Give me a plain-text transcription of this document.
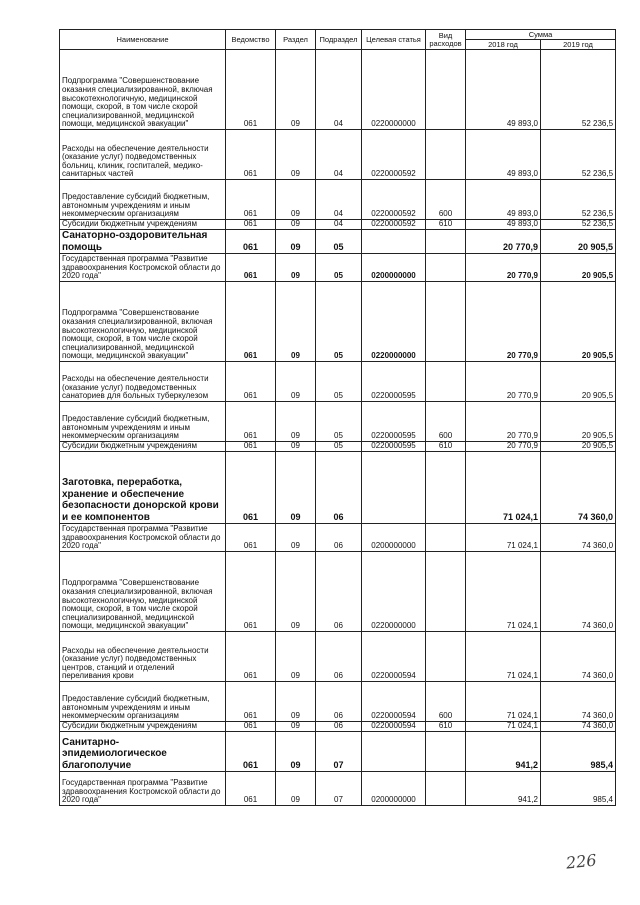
Наименование	Ведомство	Раздел	Подраздел	Целевая статья	Вид расходов	Сумма	
						2018 год	2019 год
Подпрограмма "Совершенствование оказания специализированной, включая высокотехнологичную, медицинской помощи, скорой, в том числе скорой специализированной, медицинской помощи, медицинской эвакуации"	061	09	04	0220000000		49 893,0	52 236,5
Расходы на обеспечение деятельности (оказание услуг) подведомственных больниц, клиник, госпиталей, медико-санитарных частей	061	09	04	0220000592		49 893,0	52 236,5
Предоставление субсидий бюджетным, автономным учреждениям и иным некоммерческим организациям	061	09	04	0220000592	600	49 893,0	52 236,5
Субсидии бюджетным учреждениям	061	09	04	0220000592	610	49 893,0	52 236,5
Санаторно-оздоровительная помощь	061	09	05			20 770,9	20 905,5
Государственная программа "Развитие здравоохранения Костромской области до 2020 года"	061	09	05	0200000000		20 770,9	20 905,5
Подпрограмма "Совершенствование оказания специализированной, включая высокотехнологичную, медицинской помощи, скорой, в том числе скорой специализированной, медицинской помощи, медицинской эвакуации"	061	09	05	0220000000		20 770,9	20 905,5
Расходы на обеспечение деятельности (оказание услуг) подведомственных санаториев для больных туберкулезом	061	09	05	0220000595		20 770,9	20 905,5
Предоставление субсидий бюджетным, автономным учреждениям и иным некоммерческим организациям	061	09	05	0220000595	600	20 770,9	20 905,5
Субсидии бюджетным учреждениям	061	09	05	0220000595	610	20 770,9	20 905,5
Заготовка, переработка, хранение и обеспечение безопасности донорской крови и ее компонентов	061	09	06			71 024,1	74 360,0
Государственная программа "Развитие здравоохранения Костромской области до 2020 года"	061	09	06	0200000000		71 024,1	74 360,0
Подпрограмма "Совершенствование оказания специализированной, включая высокотехнологичную, медицинской помощи, скорой, в том числе скорой специализированной, медицинской помощи, медицинской эвакуации"	061	09	06	0220000000		71 024,1	74 360,0
Расходы на обеспечение деятельности (оказание услуг) подведомственных центров, станций и отделений переливания крови	061	09	06	0220000594		71 024,1	74 360,0
Предоставление субсидий бюджетным, автономным учреждениям и иным некоммерческим организациям	061	09	06	0220000594	600	71 024,1	74 360,0
Субсидии бюджетным учреждениям	061	09	06	0220000594	610	71 024,1	74 360,0
Санитарно-эпидемиологическое благополучие	061	09	07			941,2	985,4
Государственная программа "Развитие здравоохранения Костромской области до 2020 года"	061	09	07	0200000000		941,2	985,4
226
